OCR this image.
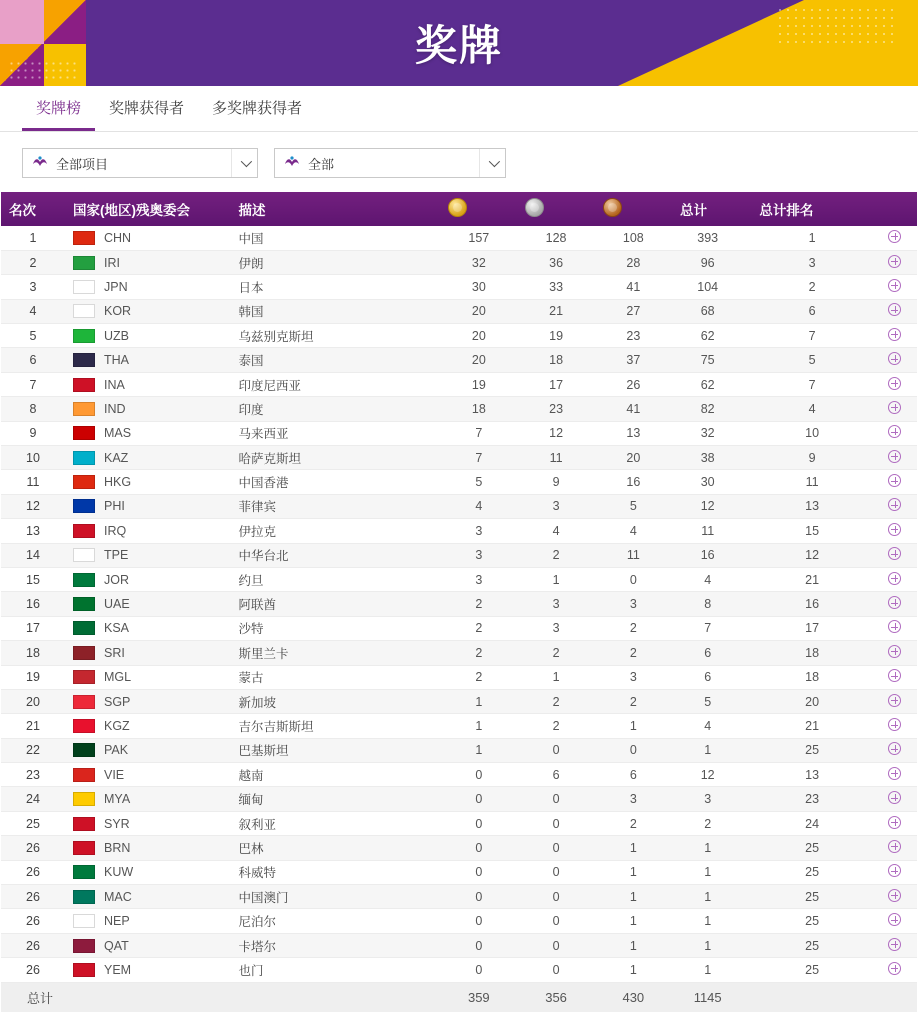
奖牌
奖牌榜	奖牌获得者	多奖牌获得者
全部项目	全部
名次	国家(地区)残奥委会	描述				总计	总计排名	
1	CHN	中国	157	128	108	393	1	
2	IRI	伊朗	32	36	28	96	3	
3	JPN	日本	30	33	41	104	2	
4	KOR	韩国	20	21	27	68	6	
5	UZB	乌兹别克斯坦	20	19	23	62	7	
6	THA	泰国	20	18	37	75	5	
7	INA	印度尼西亚	19	17	26	62	7	
8	IND	印度	18	23	41	82	4	
9	MAS	马来西亚	7	12	13	32	10	
10	KAZ	哈萨克斯坦	7	11	20	38	9	
11	HKG	中国香港	5	9	16	30	11	
12	PHI	菲律宾	4	3	5	12	13	
13	IRQ	伊拉克	3	4	4	11	15	
14	TPE	中华台北	3	2	11	16	12	
15	JOR	约旦	3	1	0	4	21	
16	UAE	阿联酋	2	3	3	8	16	
17	KSA	沙特	2	3	2	7	17	
18	SRI	斯里兰卡	2	2	2	6	18	
19	MGL	蒙古	2	1	3	6	18	
20	SGP	新加坡	1	2	2	5	20	
21	KGZ	吉尔吉斯斯坦	1	2	1	4	21	
22	PAK	巴基斯坦	1	0	0	1	25	
23	VIE	越南	0	6	6	12	13	
24	MYA	缅甸	0	0	3	3	23	
25	SYR	叙利亚	0	0	2	2	24	
26	BRN	巴林	0	0	1	1	25	
26	KUW	科威特	0	0	1	1	25	
26	MAC	中国澳门	0	0	1	1	25	
26	NEP	尼泊尔	0	0	1	1	25	
26	QAT	卡塔尔	0	0	1	1	25	
26	YEM	也门	0	0	1	1	25	
总计			359	356	430	1145		
